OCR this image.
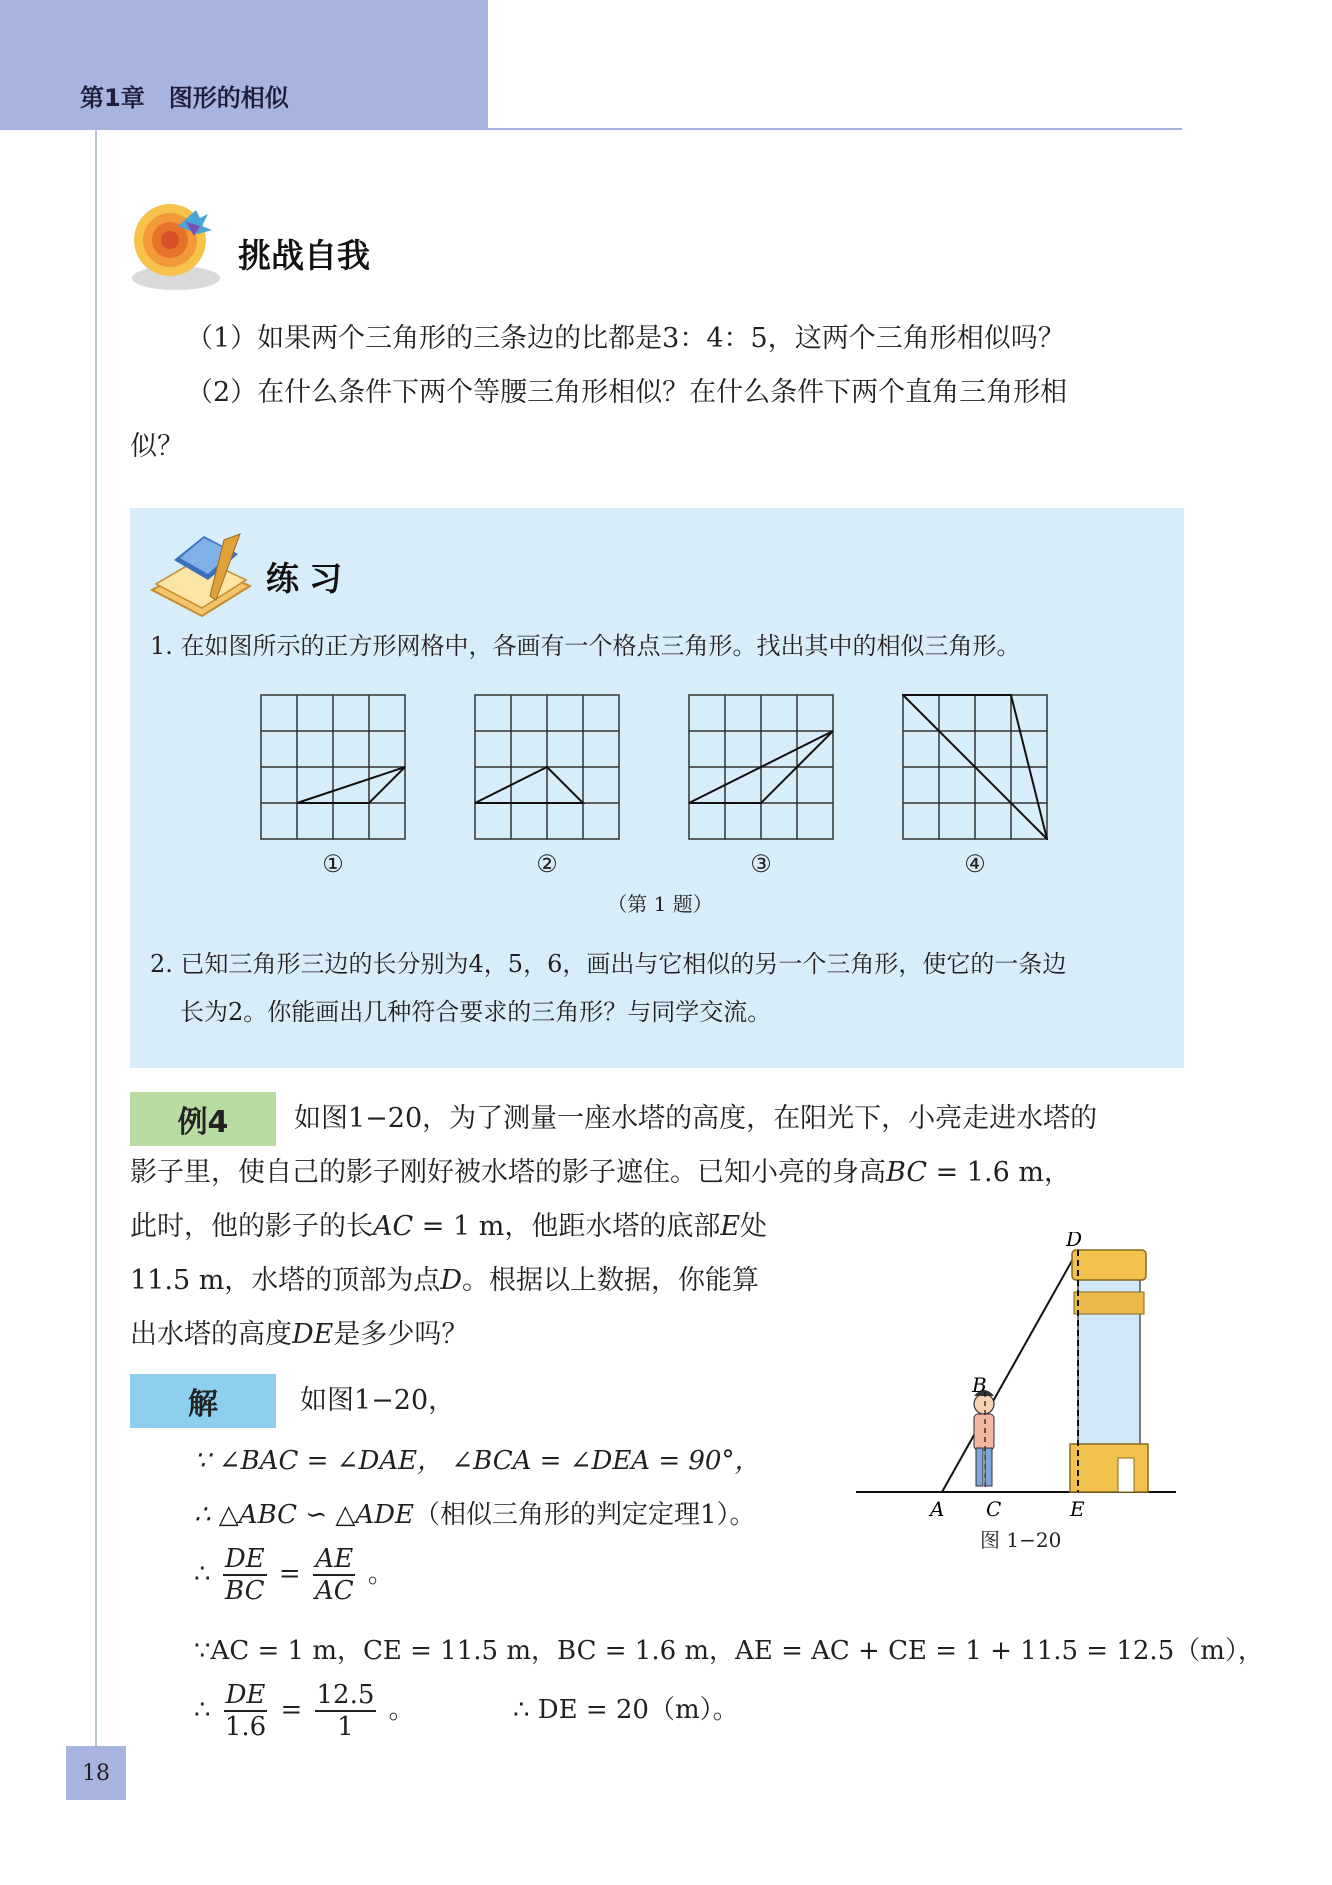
第1章　图形的相似
挑战自我
（1）如果两个三角形的三条边的比都是3：4：5，这两个三角形相似吗？
（2）在什么条件下两个等腰三角形相似？在什么条件下两个直角三角形相
似？
练习
1. 在如图所示的正方形网格中，各画有一个格点三角形。找出其中的相似三角形。
①	②	③	④
（第 1 题）
2. 已知三角形三边的长分别为4，5，6，画出与它相似的另一个三角形，使它的一条边
长为2。你能画出几种符合要求的三角形？与同学交流。
例4	如图1−20，为了测量一座水塔的高度，在阳光下，小亮走进水塔的
影子里，使自己的影子刚好被水塔的影子遮住。已知小亮的身高BC = 1.6 m，
此时，他的影子的长AC = 1 m，他距水塔的底部E处
11.5 m，水塔的顶部为点D。根据以上数据，你能算
出水塔的高度DE是多少吗？
B
D
A C	E
图 1−20
解	如图1−20，
∵ ∠BAC = ∠DAE， ∠BCA = ∠DEA = 90°，
∴ △ABC ∽ △ADE（相似三角形的判定定理1）。
∴ $\frac{DE}{BC} = \frac{AE}{AC}$ 。
∵AC = 1 m，CE = 11.5 m，BC = 1.6 m，AE = AC + CE = 1 + 11.5 = 12.5（m），
∴ $\frac{DE}{1.6} = \frac{12.5}{1}$ 。	∴ DE = 20（m）。
18
